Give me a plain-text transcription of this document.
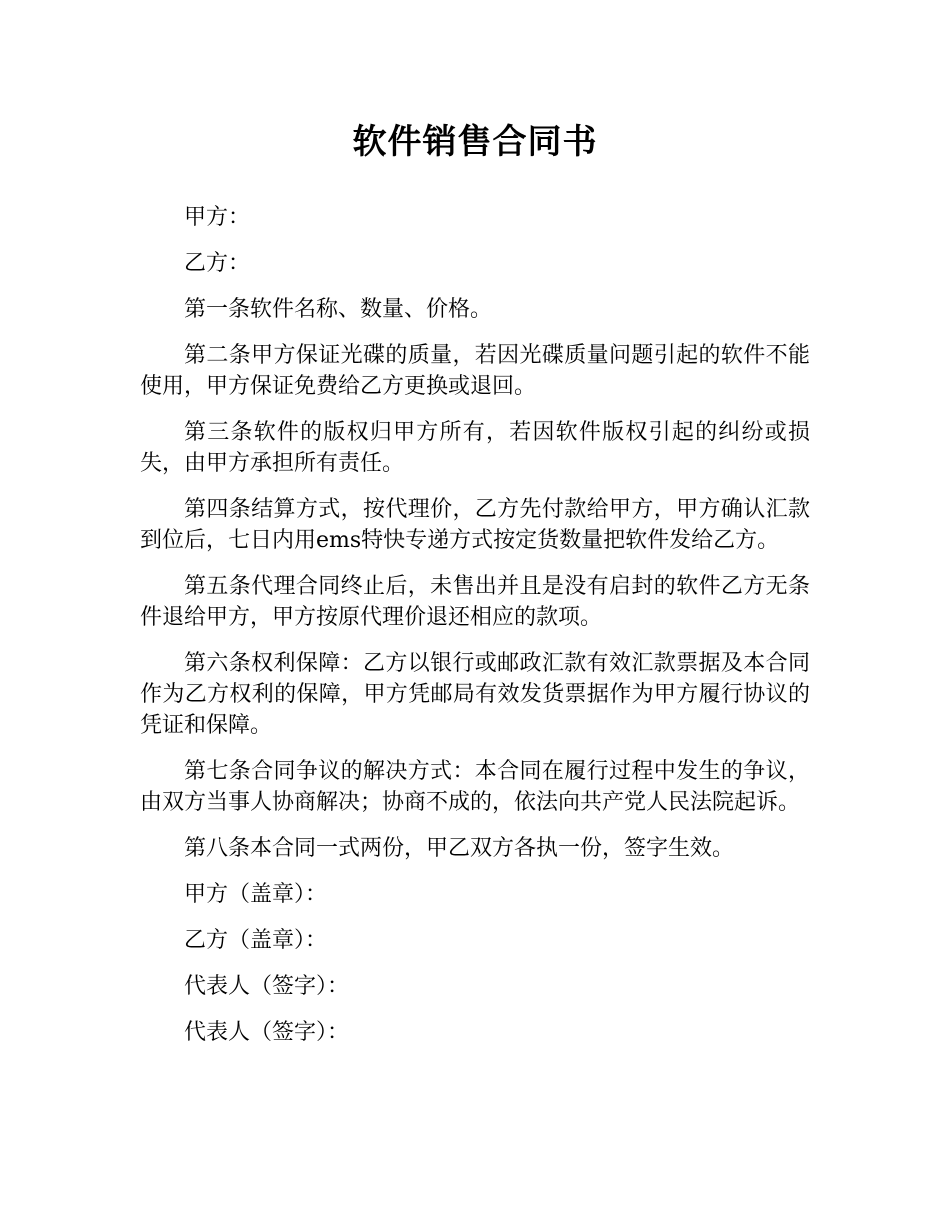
软件销售合同书

甲方：

乙方：

第一条软件名称、数量、价格。

第二条甲方保证光碟的质量，若因光碟质量问题引起的软件不能使用，甲方保证免费给乙方更换或退回。

第三条软件的版权归甲方所有，若因软件版权引起的纠纷或损失，由甲方承担所有责任。

第四条结算方式，按代理价，乙方先付款给甲方，甲方确认汇款到位后，七日内用ems特快专递方式按定货数量把软件发给乙方。

第五条代理合同终止后，未售出并且是没有启封的软件乙方无条件退给甲方，甲方按原代理价退还相应的款项。

第六条权利保障：乙方以银行或邮政汇款有效汇款票据及本合同作为乙方权利的保障，甲方凭邮局有效发货票据作为甲方履行协议的凭证和保障。

第七条合同争议的解决方式：本合同在履行过程中发生的争议，由双方当事人协商解决；协商不成的，依法向共产党人民法院起诉。

第八条本合同一式两份，甲乙双方各执一份，签字生效。

甲方（盖章）：

乙方（盖章）：

代表人（签字）：

代表人（签字）：
